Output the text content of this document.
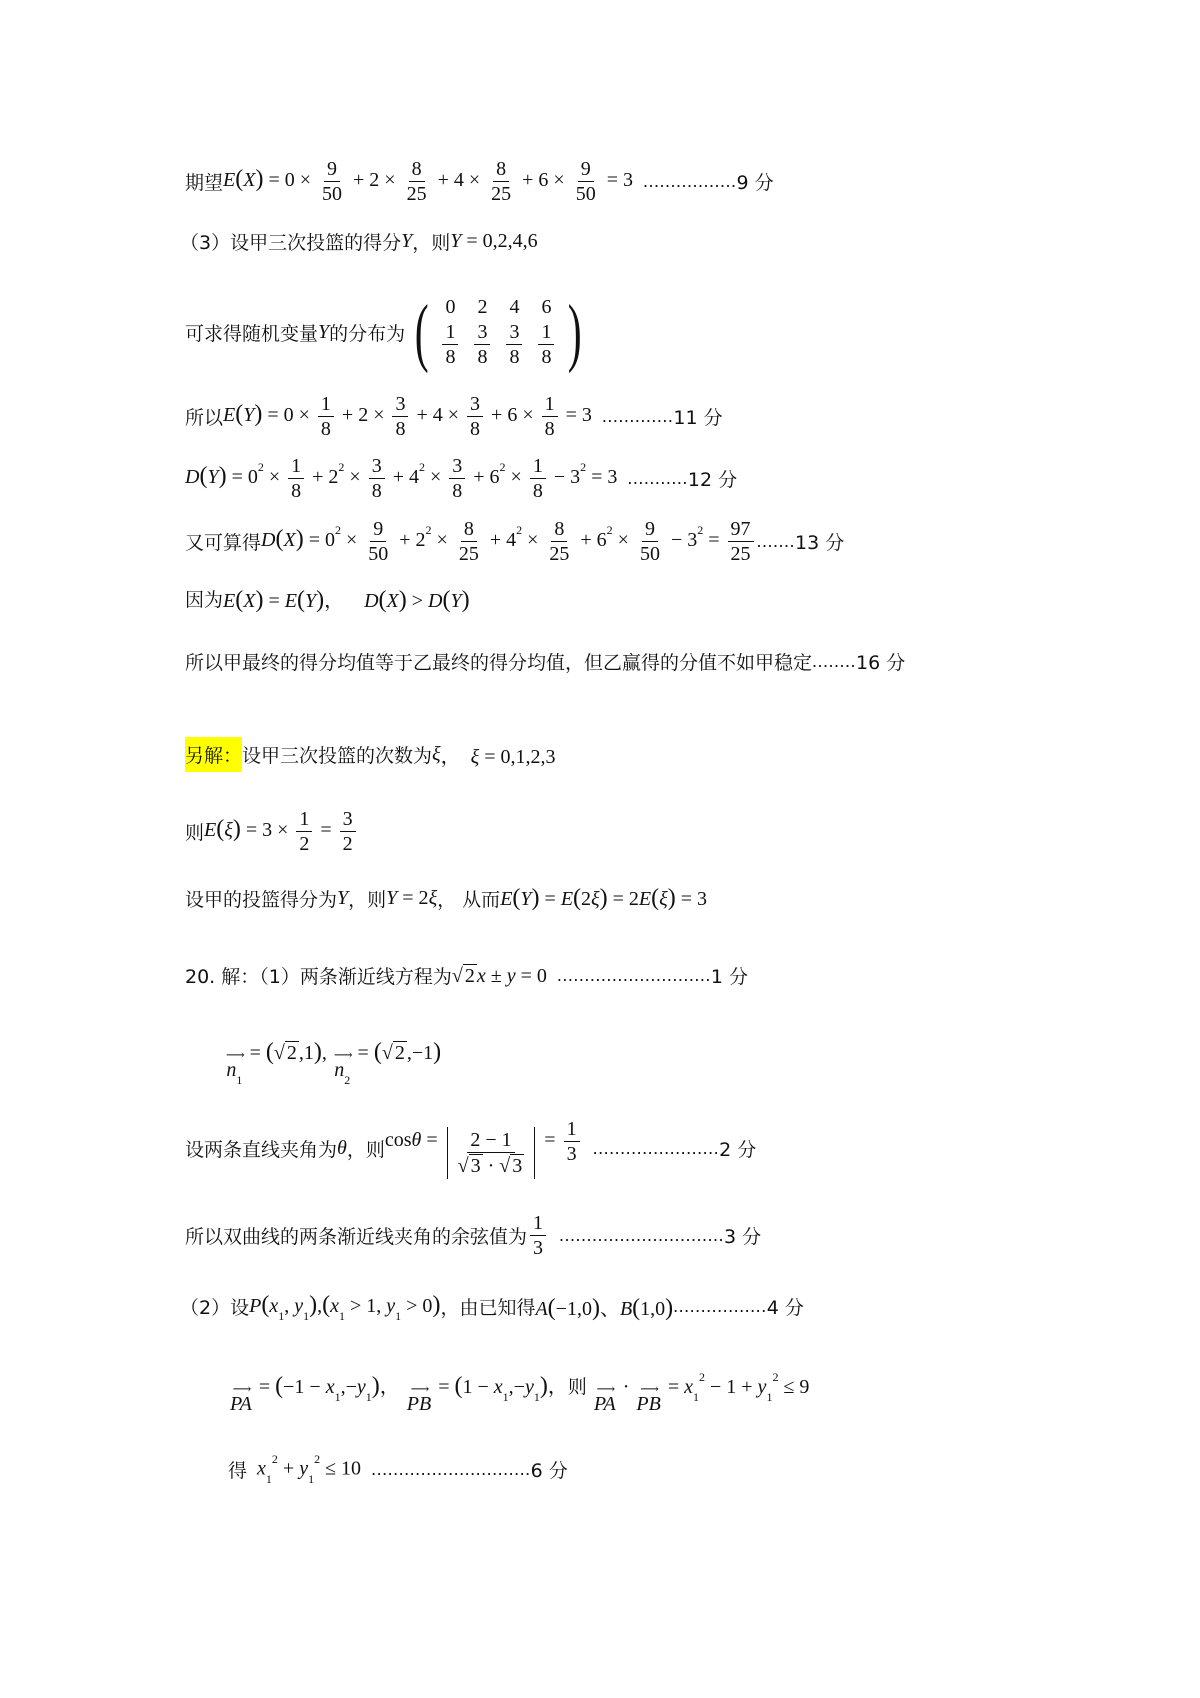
期望 $E(X) = 0 \times \frac{9}{50} + 2 \times \frac{8}{25} + 4 \times \frac{8}{25} + 6 \times \frac{9}{50} = 3$ ................. 9 分
（3）设甲三次投篮的得分 Y ，则 Y = 0,2,4,6
可求得随机变量 Y 的分布为 ( 0	2	4	6
$\frac{1}{8} \frac{3}{8} \frac{3}{8} \frac{1}{8}$ )
所以 $E(Y) = 0 \times \frac{1}{8} + 2 \times \frac{3}{8} + 4 \times \frac{3}{8} + 6 \times \frac{1}{8} = 3$ ............. 11 分
$D(Y) = 0^2 \times \frac{1}{8} + 2^2 \times \frac{3}{8} + 4^2 \times \frac{3}{8} + 6^2 \times \frac{1}{8} - 3^2 = 3$ ........... 12 分
又可算得 $D(X) = 0^2 \times \frac{9}{50} + 2^2 \times \frac{8}{25} + 4^2 \times \frac{8}{25} + 6^2 \times \frac{9}{50} - 3^2 = \frac{97}{25}$ ....... 13 分
因为 E(X) = E(Y)，    D(X) > D(Y)
所以甲最终的得分均值等于乙最终的得分均值，但乙赢得的分值不如甲稳定 ........ 16 分
另解： 设甲三次投篮的次数为 ξ ，  ξ = 0,1,2,3
则 $E(\xi) = 3 \times \frac{1}{2} = \frac{3}{2}$
设甲的投篮得分为 Y ，则 Y = 2ξ ， 从而 E(Y) = E(2ξ) = 2E(ξ) = 3
20. 解：（1）两条渐近线方程为 √ 2 x ± y = 0 ............................ 1 分
⟶
$n_1$
= ( √ 2 ,1), ⟶
$n_2$
= ( √ 2 ,−1)
设两条直线夹角为 θ ，则 $\cos\theta = \frac{2 - 1}{√ 3 \cdot √ 3} = \frac{1}{3}$ ....................... 2 分
所以双曲线的两条渐近线夹角的余弦值为 $\frac{1}{3}$ .............................. 3 分
（2）设 $P(x_1$, $y_1),(x_1 > 1$, $y_1 > 0$) ，由已知得 A(−1,0)、B(1,0) ................. 4 分
⟶
PA
= $(-1 - x_1,-y_1)$， ⟶
PB
= $(1 - x_1,-y_1)$，则 ⟶
PA
· ⟶
PB
= $x_1^2 - 1 + y_1^2 \le 9$
得 $x_1^2 + y_1^2 \le 10$ ............................. 6 分
